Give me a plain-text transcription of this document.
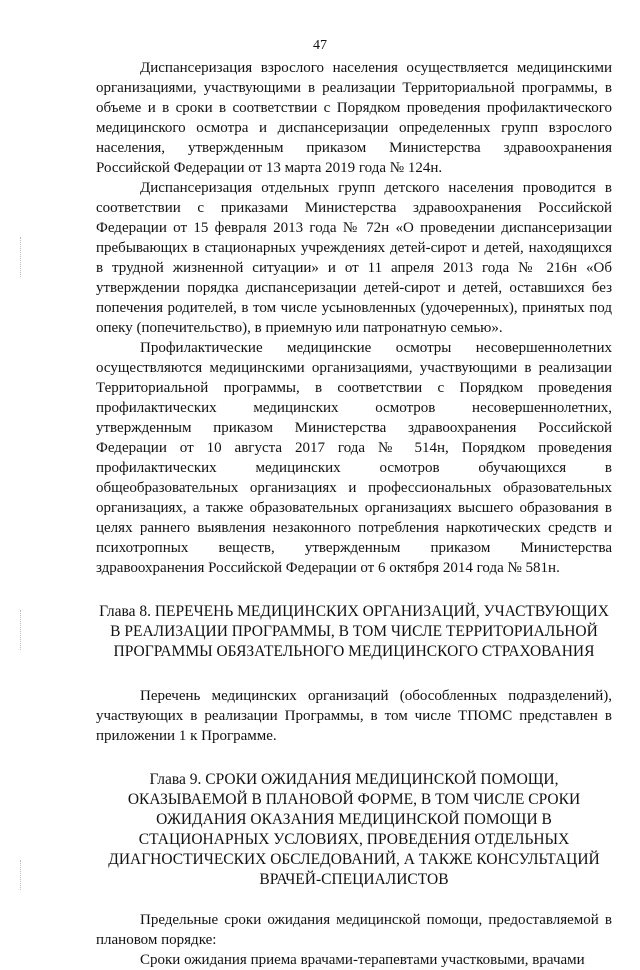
47

Диспансеризация взрослого населения осуществляется медицинскими организациями, участвующими в реализации Территориальной программы, в объеме и в сроки в соответствии с Порядком проведения профилактического медицинского осмотра и диспансеризации определенных групп взрослого населения, утвержденным приказом Министерства здравоохранения Российской Федерации от 13 марта 2019 года № 124н.

Диспансеризация отдельных групп детского населения проводится в соответствии с приказами Министерства здравоохранения Российской Федерации от 15 февраля 2013 года № 72н «О проведении диспансеризации пребывающих в стационарных учреждениях детей-сирот и детей, находящихся в трудной жизненной ситуации» и от 11 апреля 2013 года № 216н «Об утверждении порядка диспансеризации детей-сирот и детей, оставшихся без попечения родителей, в том числе усыновленных (удочеренных), принятых под опеку (попечительство), в приемную или патронатную семью».

Профилактические медицинские осмотры несовершеннолетних осуществляются медицинскими организациями, участвующими в реализации Территориальной программы, в соответствии с Порядком проведения профилактических медицинских осмотров несовершеннолетних, утвержденным приказом Министерства здравоохранения Российской Федерации от 10 августа 2017 года № 514н, Порядком проведения профилактических медицинских осмотров обучающихся в общеобразовательных организациях и профессиональных образовательных организациях, а также образовательных организациях высшего образования в целях раннего выявления незаконного потребления наркотических средств и психотропных веществ, утвержденным приказом Министерства здравоохранения Российской Федерации от 6 октября 2014 года № 581н.

Глава 8. ПЕРЕЧЕНЬ МЕДИЦИНСКИХ ОРГАНИЗАЦИЙ, УЧАСТВУЮЩИХ В РЕАЛИЗАЦИИ ПРОГРАММЫ, В ТОМ ЧИСЛЕ ТЕРРИТОРИАЛЬНОЙ ПРОГРАММЫ ОБЯЗАТЕЛЬНОГО МЕДИЦИНСКОГО СТРАХОВАНИЯ

Перечень медицинских организаций (обособленных подразделений), участвующих в реализации Программы, в том числе ТПОМС представлен в приложении 1 к Программе.

Глава 9. СРОКИ ОЖИДАНИЯ МЕДИЦИНСКОЙ ПОМОЩИ, ОКАЗЫВАЕМОЙ В ПЛАНОВОЙ ФОРМЕ, В ТОМ ЧИСЛЕ СРОКИ ОЖИДАНИЯ ОКАЗАНИЯ МЕДИЦИНСКОЙ ПОМОЩИ В СТАЦИОНАРНЫХ УСЛОВИЯХ, ПРОВЕДЕНИЯ ОТДЕЛЬНЫХ ДИАГНОСТИЧЕСКИХ ОБСЛЕДОВАНИЙ, А ТАКЖЕ КОНСУЛЬТАЦИЙ ВРАЧЕЙ-СПЕЦИАЛИСТОВ

Предельные сроки ожидания медицинской помощи, предоставляемой в плановом порядке:

Сроки ожидания приема врачами-терапевтами участковыми, врачами
